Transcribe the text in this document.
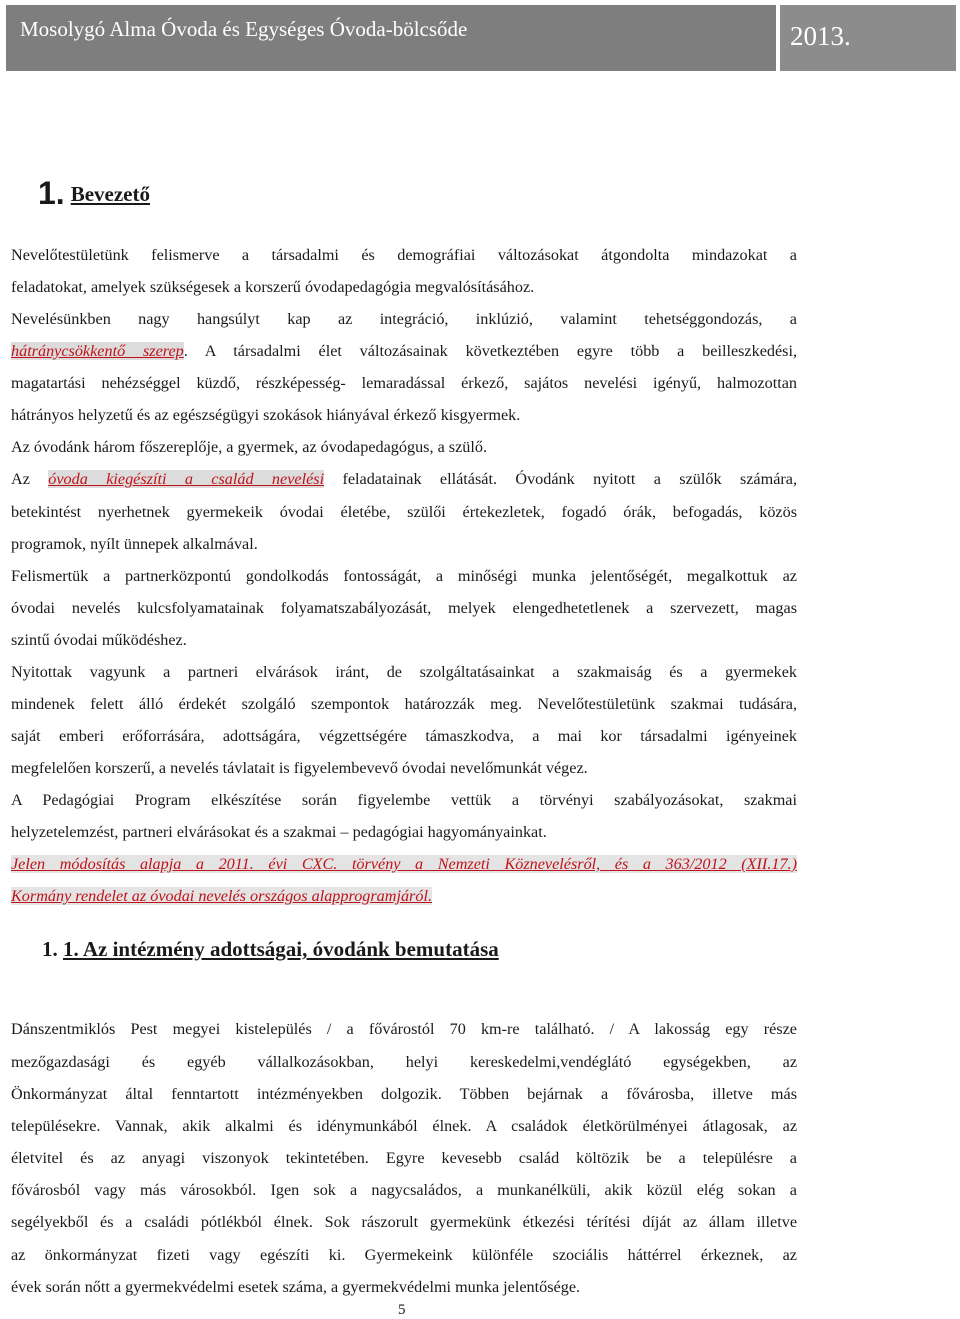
Mosolygó Alma Óvoda és Egységes Óvoda-bölcsőde	2013.
1. Bevezető
Nevelőtestületünk felismerve a társadalmi és demográfiai változásokat átgondolta mindazokat a
feladatokat, amelyek szükségesek a korszerű óvodapedagógia megvalósításához.
Nevelésünkben nagy hangsúlyt kap az integráció, inklúzió, valamint tehetséggondozás, a
hátránycsökkentő szerep. A társadalmi élet változásainak következtében egyre több a beilleszkedési,
magatartási nehézséggel küzdő, részképesség- lemaradással érkező, sajátos nevelési igényű, halmozottan
hátrányos helyzetű és az egészségügyi szokások hiányával érkező kisgyermek.
Az óvodánk három főszereplője, a gyermek, az óvodapedagógus, a szülő.
Az óvoda kiegészíti a család nevelési feladatainak ellátását. Óvodánk nyitott a szülők számára,
betekintést nyerhetnek gyermekeik óvodai életébe, szülői értekezletek, fogadó órák, befogadás, közös
programok, nyílt ünnepek alkalmával.
Felismertük a partnerközpontú gondolkodás fontosságát, a minőségi munka jelentőségét, megalkottuk az
óvodai nevelés kulcsfolyamatainak folyamatszabályozását, melyek elengedhetetlenek a szervezett, magas
szintű óvodai működéshez.
Nyitottak vagyunk a partneri elvárások iránt, de szolgáltatásainkat a szakmaiság és a gyermekek
mindenek felett álló érdekét szolgáló szempontok határozzák meg. Nevelőtestületünk szakmai tudására,
saját emberi erőforrására, adottságára, végzettségére támaszkodva, a mai kor társadalmi igényeinek
megfelelően korszerű, a nevelés távlatait is figyelembevevő óvodai nevelőmunkát végez.
A Pedagógiai Program elkészítése során figyelembe vettük a törvényi szabályozásokat, szakmai
helyzetelemzést, partneri elvárásokat és a szakmai – pedagógiai hagyományainkat.
Jelen módosítás alapja a 2011. évi CXC. törvény a Nemzeti Köznevelésről, és a 363/2012 (XII.17.)
Kormány rendelet az óvodai nevelés országos alapprogramjáról.
1. 1. Az intézmény adottságai, óvodánk bemutatása
Dánszentmiklós Pest megyei kistelepülés / a fővárostól 70 km-re található. / A lakosság egy része
mezőgazdasági és egyéb vállalkozásokban, helyi kereskedelmi,vendéglátó egységekben, az
Önkormányzat által fenntartott intézményekben dolgozik. Többen bejárnak a fővárosba, illetve más
településekre. Vannak, akik alkalmi és idénymunkából élnek. A családok életkörülményei átlagosak, az
életvitel és az anyagi viszonyok tekintetében. Egyre kevesebb család költözik be a településre a
fővárosból vagy más városokból. Igen sok a nagycsaládos, a munkanélküli, akik közül elég sokan a
segélyekből és a családi pótlékból élnek. Sok rászorult gyermekünk étkezési térítési díját az állam illetve
az önkormányzat fizeti vagy egészíti ki. Gyermekeink különféle szociális háttérrel érkeznek, az
évek során nőtt a gyermekvédelmi esetek száma, a gyermekvédelmi munka jelentősége.
5
